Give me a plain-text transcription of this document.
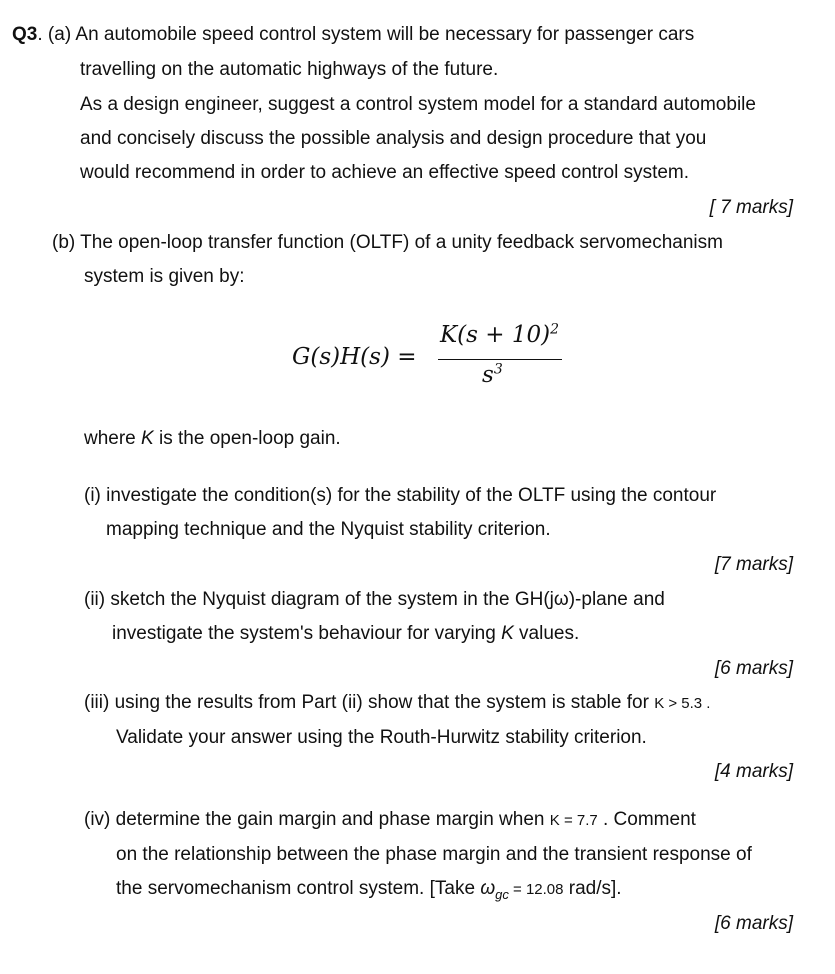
Q3. (a) An automobile speed control system will be necessary for passenger cars
travelling on the automatic highways of the future.
As a design engineer, suggest a control system model for a standard automobile
and concisely discuss the possible analysis and design procedure that you
would recommend in order to achieve an effective speed control system.
[ 7 marks]
(b) The open-loop transfer function (OLTF) of a unity feedback servomechanism
system is given by:
G(s)H(s) =
$K(s + 10)^2$
$s^3$
where K is the open-loop gain.
(i) investigate the condition(s) for the stability of the OLTF using the contour
mapping technique and the Nyquist stability criterion.
[7 marks]
(ii) sketch the Nyquist diagram of the system in the GH(jω)-plane and
investigate the system's behaviour for varying K values.
[6 marks]
(iii) using the results from Part (ii) show that the system is stable for K > 5.3 .
Validate your answer using the Routh-Hurwitz stability criterion.
[4 marks]
(iv) determine the gain margin and phase margin when K = 7.7 . Comment
on the relationship between the phase margin and the transient response of
the servomechanism control system. [Take $\omega_{gc} = 12.08$ rad/s].
[6 marks]
